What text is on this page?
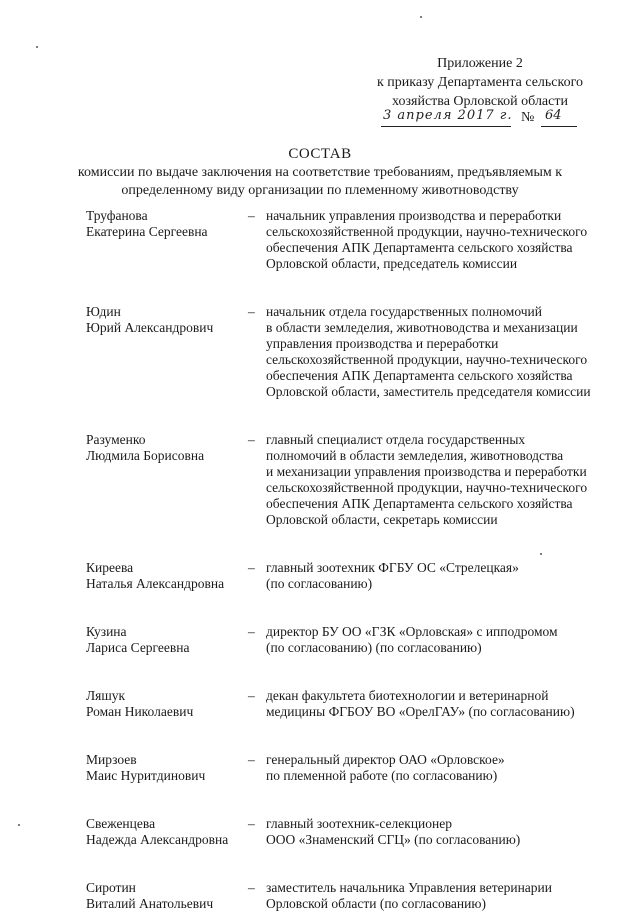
Приложение 2
к приказу Департамента сельского
хозяйства Орловской области
3 апреля 2017 г. № 64
СОСТАВ
комиссии по выдаче заключения на соответствие требованиям, предъявляемым к
определенному виду организации по племенному животноводству
Труфанова
Екатерина Сергеевна
– начальник управления производства и переработки
сельскохозяйственной продукции, научно-технического
обеспечения АПК Департамента сельского хозяйства
Орловской области, председатель комиссии
Юдин
Юрий Александрович
– начальник отдела государственных полномочий
в области земледелия, животноводства и механизации
управления производства и переработки
сельскохозяйственной продукции, научно-технического
обеспечения АПК Департамента сельского хозяйства
Орловской области, заместитель председателя комиссии
Разуменко
Людмила Борисовна
– главный специалист отдела государственных
полномочий в области земледелия, животноводства
и механизации управления производства и переработки
сельскохозяйственной продукции, научно-технического
обеспечения АПК Департамента сельского хозяйства
Орловской области, секретарь комиссии
Киреева
Наталья Александровна
– главный зоотехник ФГБУ ОС «Стрелецкая»
(по согласованию)
Кузина
Лариса Сергеевна
– директор БУ ОО «ГЗК «Орловская» с ипподромом
(по согласованию) (по согласованию)
Ляшук
Роман Николаевич
– декан факультета биотехнологии и ветеринарной
медицины ФГБОУ ВО «ОрелГАУ» (по согласованию)
Мирзоев
Маис Нуритдинович
– генеральный директор ОАО «Орловское»
по племенной работе (по согласованию)
Свеженцева
Надежда Александровна
– главный зоотехник-селекционер
ООО «Знаменский СГЦ» (по согласованию)
Сиротин
Виталий Анатольевич
– заместитель начальника Управления ветеринарии
Орловской области (по согласованию)
